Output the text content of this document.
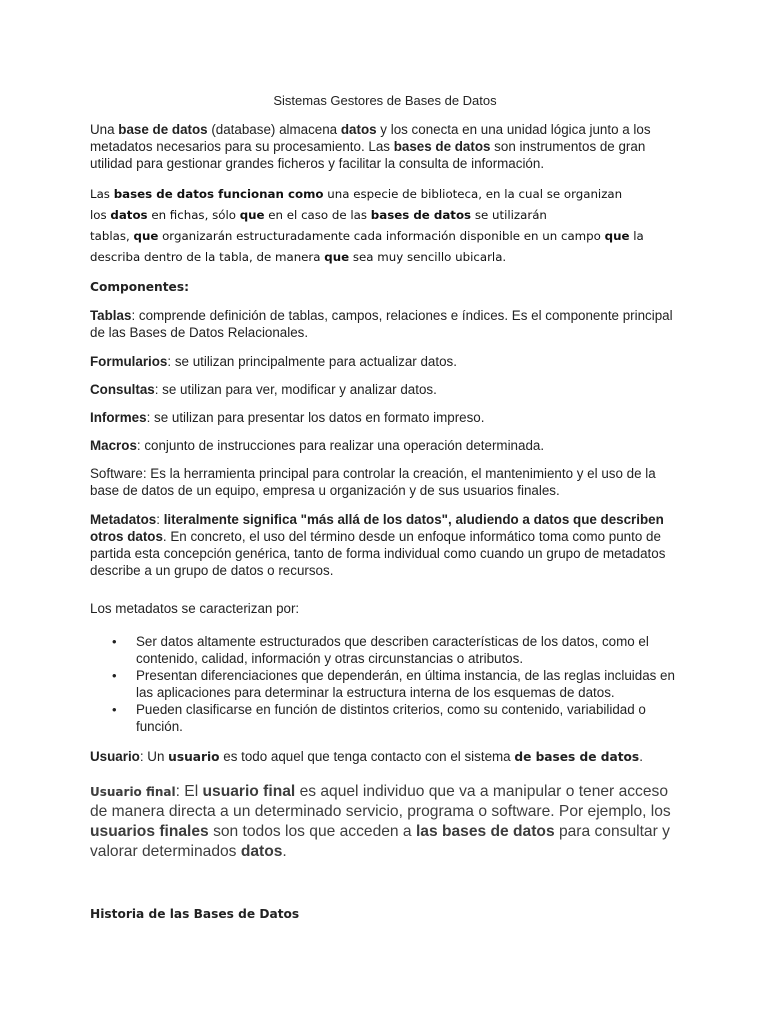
Sistemas Gestores de Bases de Datos
Una base de datos (database) almacena datos y los conecta en una unidad lógica junto a los metadatos necesarios para su procesamiento. Las bases de datos son instrumentos de gran utilidad para gestionar grandes ficheros y facilitar la consulta de información.
Las bases de datos funcionan como una especie de biblioteca, en la cual se organizan
los datos en fichas, sólo que en el caso de las bases de datos se utilizarán
tablas, que organizarán estructuradamente cada información disponible en un campo que la
describa dentro de la tabla, de manera que sea muy sencillo ubicarla.
Componentes:
Tablas: comprende definición de tablas, campos, relaciones e índices. Es el componente principal de las Bases de Datos Relacionales.
Formularios: se utilizan principalmente para actualizar datos.
Consultas: se utilizan para ver, modificar y analizar datos.
Informes: se utilizan para presentar los datos en formato impreso.
Macros: conjunto de instrucciones para realizar una operación determinada.
Software: Es la herramienta principal para controlar la creación, el mantenimiento y el uso de la base de datos de un equipo, empresa u organización y de sus usuarios finales.
Metadatos: literalmente significa "más allá de los datos", aludiendo a datos que describen otros datos. En concreto, el uso del término desde un enfoque informático toma como punto de partida esta concepción genérica, tanto de forma individual como cuando un grupo de metadatos describe a un grupo de datos o recursos.
Los metadatos se caracterizan por:
• Ser datos altamente estructurados que describen características de los datos, como el contenido, calidad, información y otras circunstancias o atributos.
• Presentan diferenciaciones que dependerán, en última instancia, de las reglas incluidas en las aplicaciones para determinar la estructura interna de los esquemas de datos.
• Pueden clasificarse en función de distintos criterios, como su contenido, variabilidad o función.
Usuario: Un usuario es todo aquel que tenga contacto con el sistema de bases de datos.
Usuario final: El usuario final es aquel individuo que va a manipular o tener acceso de manera directa a un determinado servicio, programa o software. Por ejemplo, los usuarios finales son todos los que acceden a las bases de datos para consultar y valorar determinados datos.
Historia de las Bases de Datos
